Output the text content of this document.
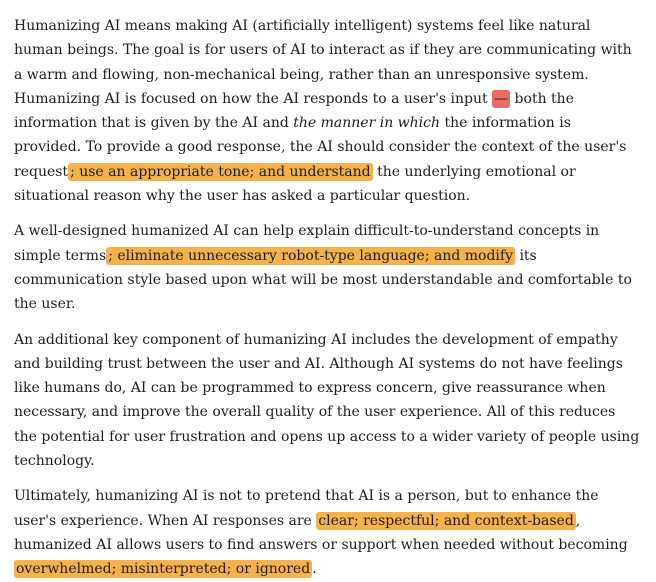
Humanizing AI means making AI (artificially intelligent) systems feel like natural human beings. The goal is for users of AI to interact as if they are communicating with a warm and flowing, non-mechanical being, rather than an unresponsive system. Humanizing AI is focused on how the AI responds to a user's input — both the information that is given by the AI and the manner in which the information is provided. To provide a good response, the AI should consider the context of the user's request ; use an appropriate tone; and understand the underlying emotional or situational reason why the user has asked a particular question.

A well-designed humanized AI can help explain difficult-to-understand concepts in simple terms ; eliminate unnecessary robot-type language; and modify its communication style based upon what will be most understandable and comfortable to the user.

An additional key component of humanizing AI includes the development of empathy and building trust between the user and AI. Although AI systems do not have feelings like humans do, AI can be programmed to express concern, give reassurance when necessary, and improve the overall quality of the user experience. All of this reduces the potential for user frustration and opens up access to a wider variety of people using technology.

Ultimately, humanizing AI is not to pretend that AI is a person, but to enhance the user's experience. When AI responses are clear; respectful; and context-based , humanized AI allows users to find answers or support when needed without becoming overwhelmed; misinterpreted; or ignored .
